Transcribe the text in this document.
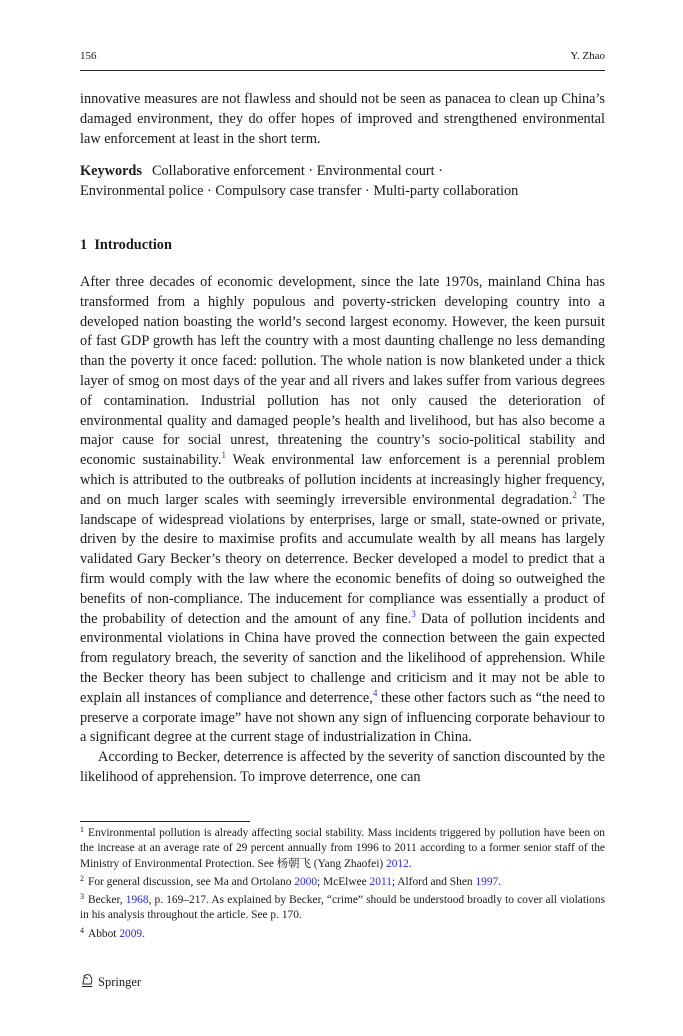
156	Y. Zhao

innovative measures are not flawless and should not be seen as panacea to clean up China’s damaged environment, they do offer hopes of improved and strengthened environmental law enforcement at least in the short term.

Keywords Collaborative enforcement · Environmental court ·
Environmental police · Compulsory case transfer · Multi-party collaboration
1 Introduction

After three decades of economic development, since the late 1970s, mainland China has transformed from a highly populous and poverty-stricken developing country into a developed nation boasting the world’s second largest economy. However, the keen pursuit of fast GDP growth has left the country with a most daunting challenge no less demanding than the poverty it once faced: pollution. The whole nation is now blanketed under a thick layer of smog on most days of the year and all rivers and lakes suffer from various degrees of contamination. Industrial pollution has not only caused the deterioration of environmental quality and damaged people’s health and livelihood, but has also become a major cause for social unrest, threatening the country’s socio-political stability and economic sustainability.$^1$ Weak environmental law enforcement is a perennial problem which is attributed to the outbreaks of pollution incidents at increasingly higher frequency, and on much larger scales with seemingly irreversible environmental degradation.$^2$ The landscape of widespread violations by enterprises, large or small, state-owned or private, driven by the desire to maximise profits and accumulate wealth by all means has largely validated Gary Becker’s theory on deterrence. Becker developed a model to predict that a firm would comply with the law where the economic benefits of doing so outweighed the benefits of non-compliance. The inducement for compliance was essentially a product of the probability of detection and the amount of any fine.$^3$ Data of pollution incidents and environmental violations in China have proved the connection between the gain expected from regulatory breach, the severity of sanction and the likelihood of apprehension. While the Becker theory has been subject to challenge and criticism and it may not be able to explain all instances of compliance and deterrence,$^4$ these other factors such as “the need to preserve a corporate image” have not shown any sign of influencing corporate behaviour to a significant degree at the current stage of industrialization in China.

According to Becker, deterrence is affected by the severity of sanction discounted by the likelihood of apprehension. To improve deterrence, one can

$^1$ Environmental pollution is already affecting social stability. Mass incidents triggered by pollution have been on the increase at an average rate of 29 percent annually from 1996 to 2011 according to a former senior staff of the Ministry of Environmental Protection. See 杨朝飞 (Yang Zhaofei) 2012.
$^2$ For general discussion, see Ma and Ortolano 2000; McElwee 2011; Alford and Shen 1997.
$^3$ Becker, 1968, p. 169–217. As explained by Becker, “crime” should be understood broadly to cover all violations in his analysis throughout the article. See p. 170.
$^4$ Abbot 2009.
Springer
